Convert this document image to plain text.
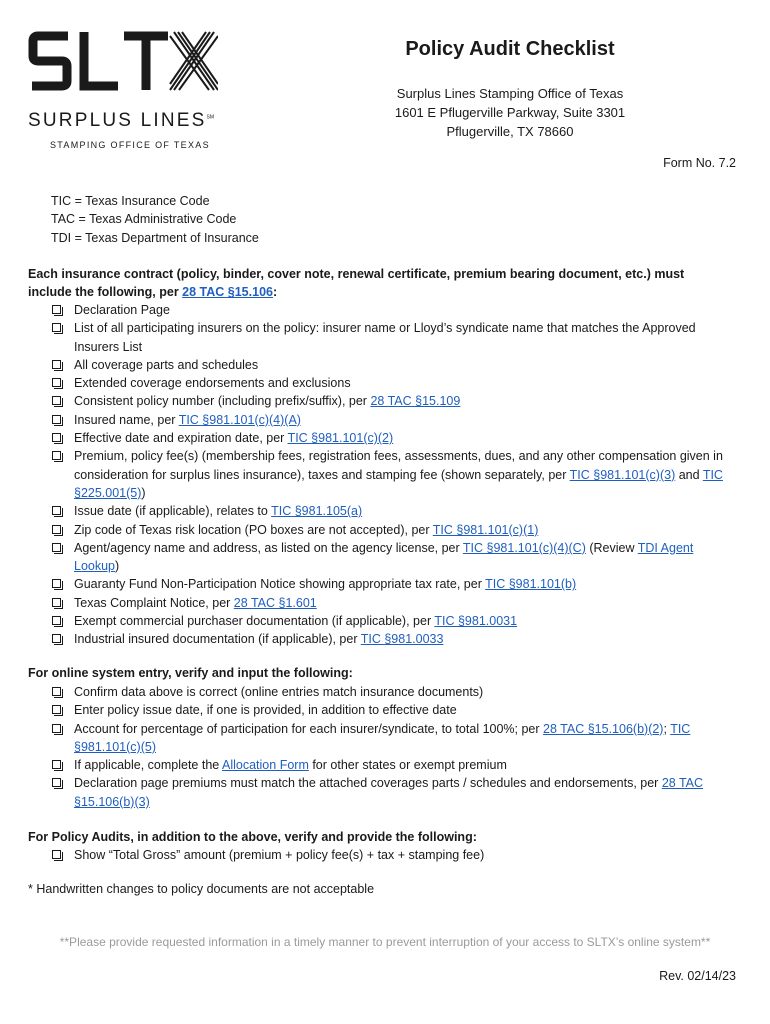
SURPLUS LINES℠
STAMPING OFFICE OF TEXAS
Policy Audit Checklist
Surplus Lines Stamping Office of Texas
1601 E Pflugerville Parkway, Suite 3301
Pflugerville, TX 78660
Form No. 7.2
TIC = Texas Insurance Code
TAC = Texas Administrative Code
TDI = Texas Department of Insurance
Each insurance contract (policy, binder, cover note, renewal certificate, premium bearing document, etc.) must
include the following, per 28 TAC §15.106:
Declaration Page
List of all participating insurers on the policy: insurer name or Lloyd’s syndicate name that matches the Approved Insurers List
All coverage parts and schedules
Extended coverage endorsements and exclusions
Consistent policy number (including prefix/suffix), per 28 TAC §15.109
Insured name, per TIC §981.101(c)(4)(A)
Effective date and expiration date, per TIC §981.101(c)(2)
Premium, policy fee(s) (membership fees, registration fees, assessments, dues, and any other compensation given in consideration for surplus lines insurance), taxes and stamping fee (shown separately, per TIC §981.101(c)(3) and TIC §225.001(5))
Issue date (if applicable), relates to TIC §981.105(a)
Zip code of Texas risk location (PO boxes are not accepted), per TIC §981.101(c)(1)
Agent/agency name and address, as listed on the agency license, per TIC §981.101(c)(4)(C) (Review TDI Agent Lookup)
Guaranty Fund Non-Participation Notice showing appropriate tax rate, per TIC §981.101(b)
Texas Complaint Notice, per 28 TAC §1.601
Exempt commercial purchaser documentation (if applicable), per TIC §981.0031
Industrial insured documentation (if applicable), per TIC §981.0033
For online system entry, verify and input the following:
Confirm data above is correct (online entries match insurance documents)
Enter policy issue date, if one is provided, in addition to effective date
Account for percentage of participation for each insurer/syndicate, to total 100%; per 28 TAC §15.106(b)(2); TIC §981.101(c)(5)
If applicable, complete the Allocation Form for other states or exempt premium
Declaration page premiums must match the attached coverages parts / schedules and endorsements, per 28 TAC §15.106(b)(3)
For Policy Audits, in addition to the above, verify and provide the following:
Show “Total Gross” amount (premium + policy fee(s) + tax + stamping fee)
* Handwritten changes to policy documents are not acceptable
**Please provide requested information in a timely manner to prevent interruption of your access to SLTX’s online system**
Rev. 02/14/23
